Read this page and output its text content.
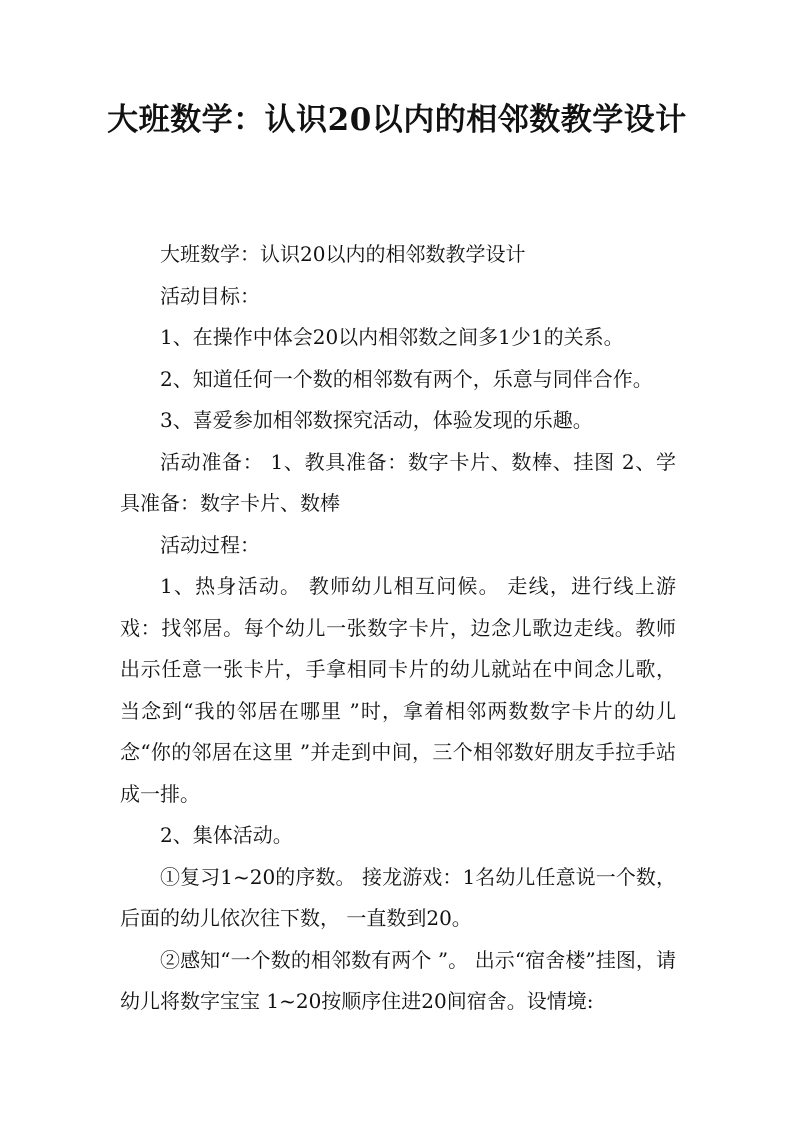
大班数学：认识20以内的相邻数教学设计

大班数学：认识20以内的相邻数教学设计

活动目标：

1、在操作中体会20以内相邻数之间多1少1的关系。

2、知道任何一个数的相邻数有两个，乐意与同伴合作。

3、喜爱参加相邻数探究活动，体验发现的乐趣。

活动准备： 1、教具准备：数字卡片、数棒、挂图 2、学具准备：数字卡片、数棒

活动过程：

1、热身活动。 教师幼儿相互问候。 走线，进行线上游戏：找邻居。每个幼儿一张数字卡片，边念儿歌边走线。教师出示任意一张卡片，手拿相同卡片的幼儿就站在中间念儿歌，当念到“我的邻居在哪里 ”时，拿着相邻两数数字卡片的幼儿念“你的邻居在这里 ”并走到中间，三个相邻数好朋友手拉手站成一排。

2、集体活动。

①复习1~20的序数。 接龙游戏：1名幼儿任意说一个数，后面的幼儿依次往下数， 一直数到20。

②感知“一个数的相邻数有两个 ”。 出示“宿舍楼”挂图，请幼儿将数字宝宝 1~20按顺序住进20间宿舍。设情境:
